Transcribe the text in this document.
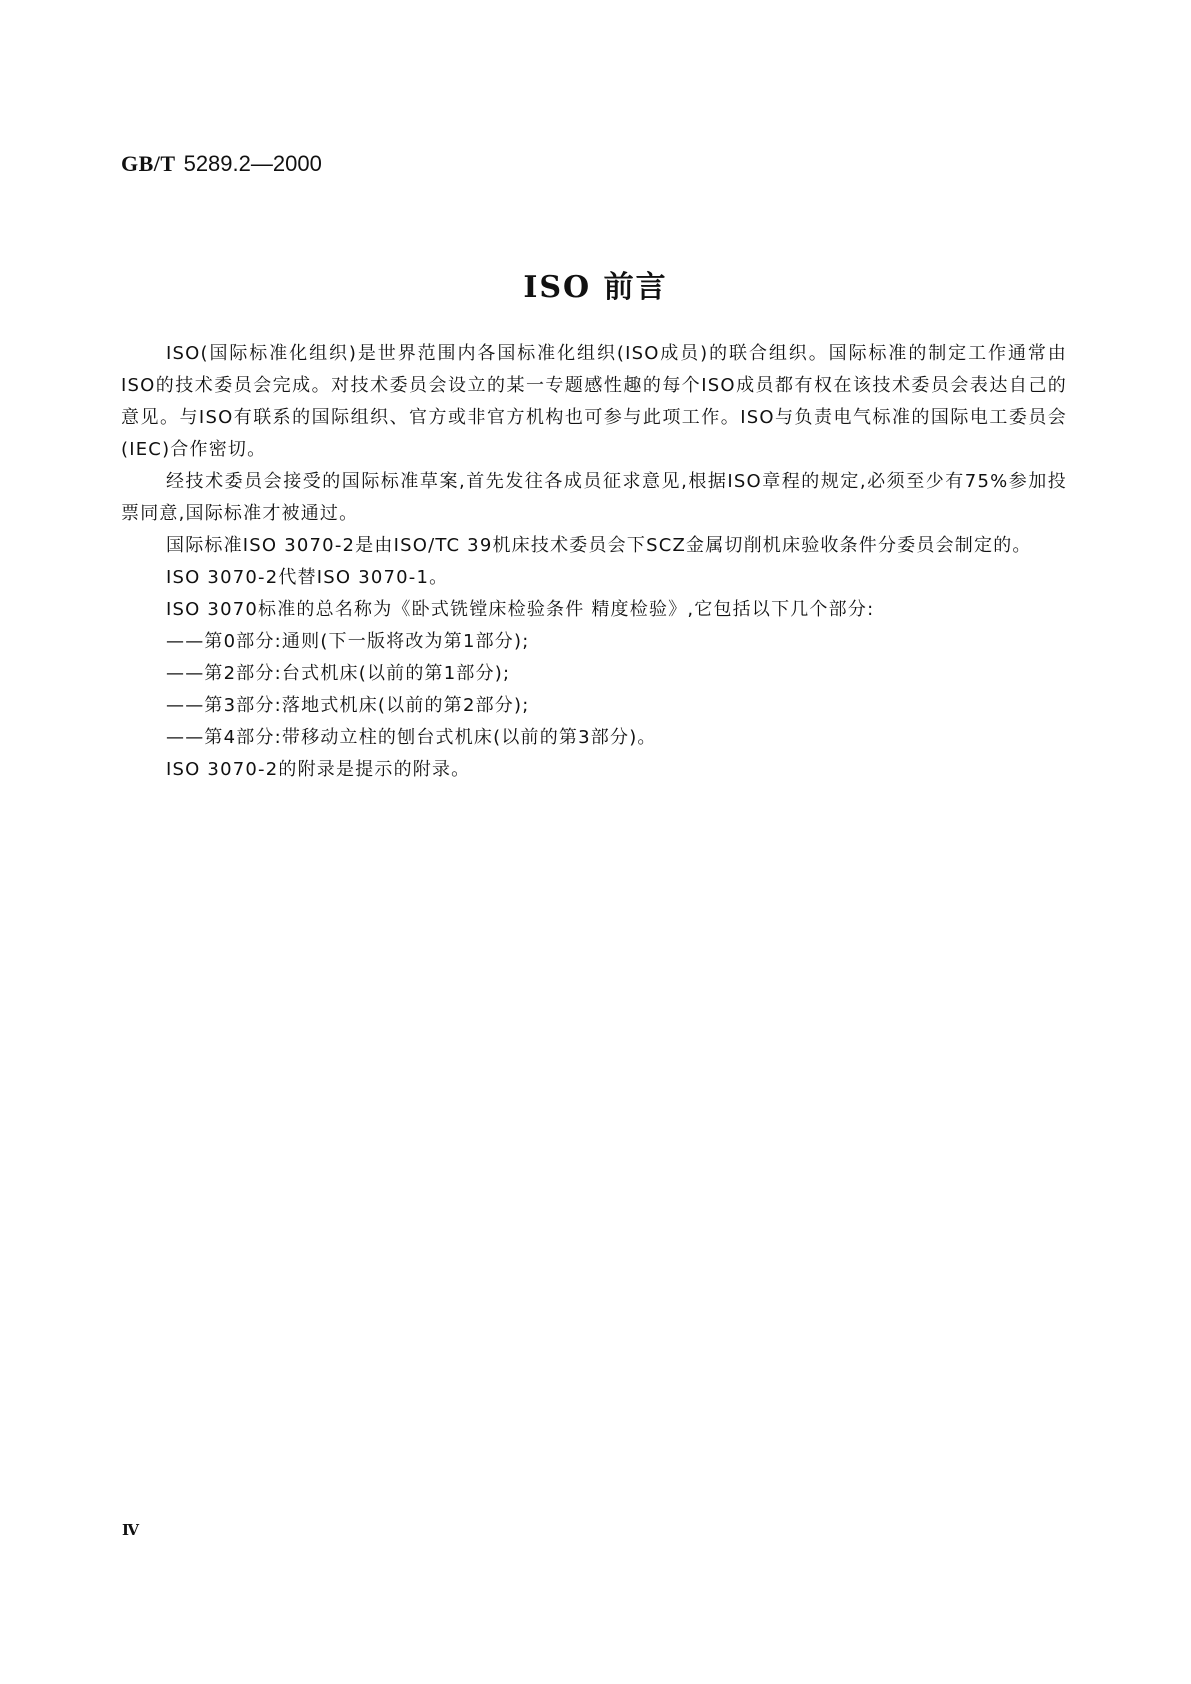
GB/T 5289.2—2000
ISO 前言

ISO(国际标准化组织)是世界范围内各国标准化组织(ISO成员)的联合组织。国际标准的制定工作通常由ISO的技术委员会完成。对技术委员会设立的某一专题感性趣的每个ISO成员都有权在该技术委员会表达自己的意见。与ISO有联系的国际组织、官方或非官方机构也可参与此项工作。ISO与负责电气标准的国际电工委员会(IEC)合作密切。

经技术委员会接受的国际标准草案,首先发往各成员征求意见,根据ISO章程的规定,必须至少有75%参加投票同意,国际标准才被通过。

国际标准ISO 3070-2是由ISO/TC 39机床技术委员会下SCZ金属切削机床验收条件分委员会制定的。

ISO 3070-2代替ISO 3070-1。

ISO 3070标准的总名称为《卧式铣镗床检验条件 精度检验》,它包括以下几个部分:

——第0部分:通则(下一版将改为第1部分);

——第2部分:台式机床(以前的第1部分);

——第3部分:落地式机床(以前的第2部分);

——第4部分:带移动立柱的刨台式机床(以前的第3部分)。

ISO 3070-2的附录是提示的附录。

Ⅳ
